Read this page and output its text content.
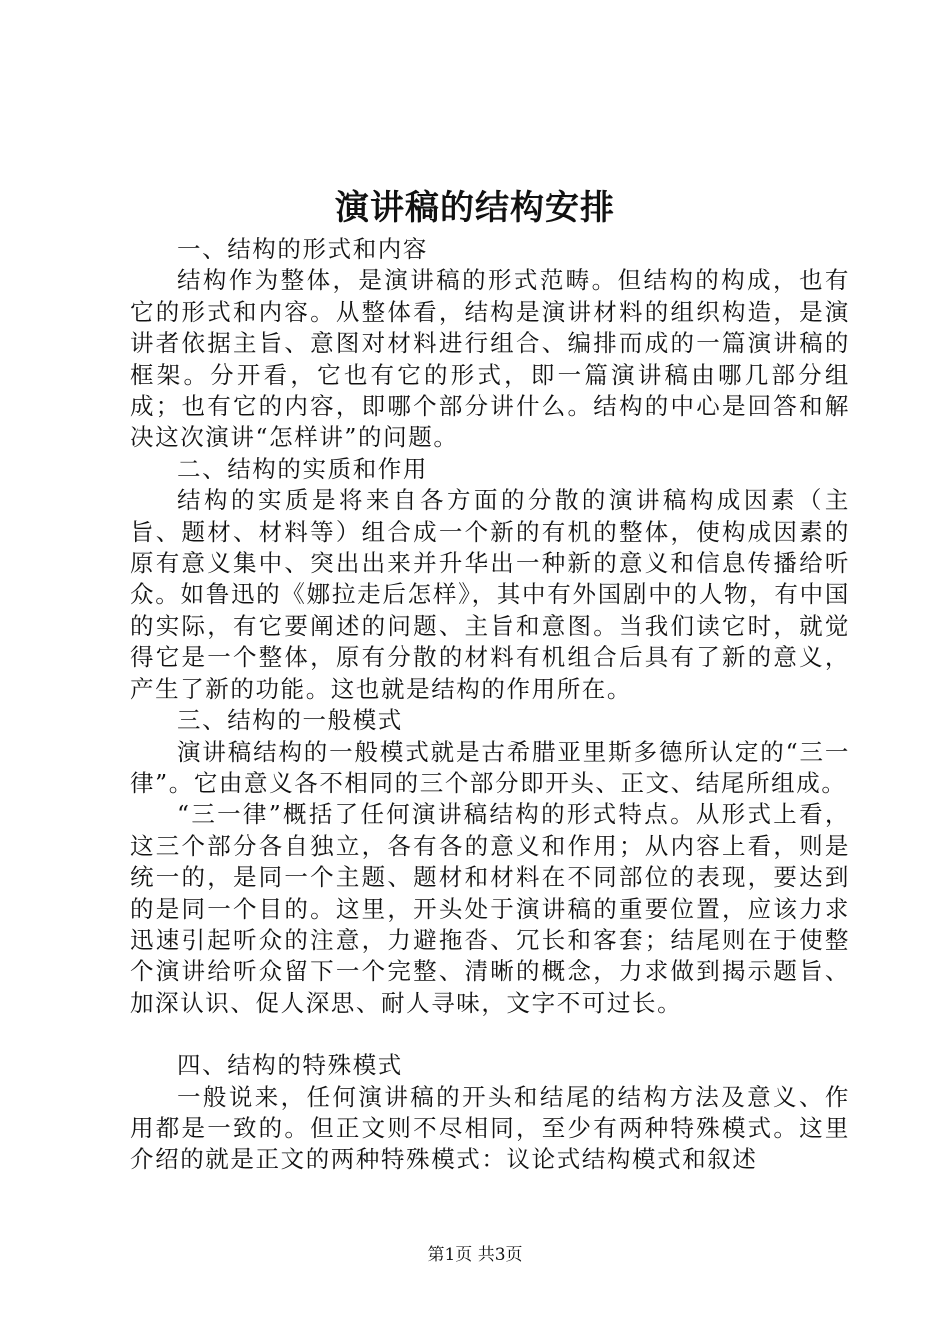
演讲稿的结构安排

一、结构的形式和内容

结构作为整体，是演讲稿的形式范畴。但结构的构成，也有它的形式和内容。从整体看，结构是演讲材料的组织构造，是演讲者依据主旨、意图对材料进行组合、编排而成的一篇演讲稿的框架。分开看，它也有它的形式，即一篇演讲稿由哪几部分组成；也有它的内容，即哪个部分讲什么。结构的中心是回答和解决这次演讲“怎样讲”的问题。

二、结构的实质和作用

结构的实质是将来自各方面的分散的演讲稿构成因素（主旨、题材、材料等）组合成一个新的有机的整体，使构成因素的原有意义集中、突出出来并升华出一种新的意义和信息传播给听众。如鲁迅的《娜拉走后怎样》，其中有外国剧中的人物，有中国的实际，有它要阐述的问题、主旨和意图。当我们读它时，就觉得它是一个整体，原有分散的材料有机组合后具有了新的意义，产生了新的功能。这也就是结构的作用所在。

三、结构的一般模式

演讲稿结构的一般模式就是古希腊亚里斯多德所认定的“三一律”。它由意义各不相同的三个部分即开头、正文、结尾所组成。

“三一律”概括了任何演讲稿结构的形式特点。从形式上看，这三个部分各自独立，各有各的意义和作用；从内容上看，则是统一的，是同一个主题、题材和材料在不同部位的表现，要达到的是同一个目的。这里，开头处于演讲稿的重要位置，应该力求迅速引起听众的注意，力避拖沓、冗长和客套；结尾则在于使整个演讲给听众留下一个完整、清晰的概念，力求做到揭示题旨、加深认识、促人深思、耐人寻味，文字不可过长。

四、结构的特殊模式

一般说来，任何演讲稿的开头和结尾的结构方法及意义、作用都是一致的。但正文则不尽相同，至少有两种特殊模式。这里介绍的就是正文的两种特殊模式：议论式结构模式和叙述

第1页 共3页
